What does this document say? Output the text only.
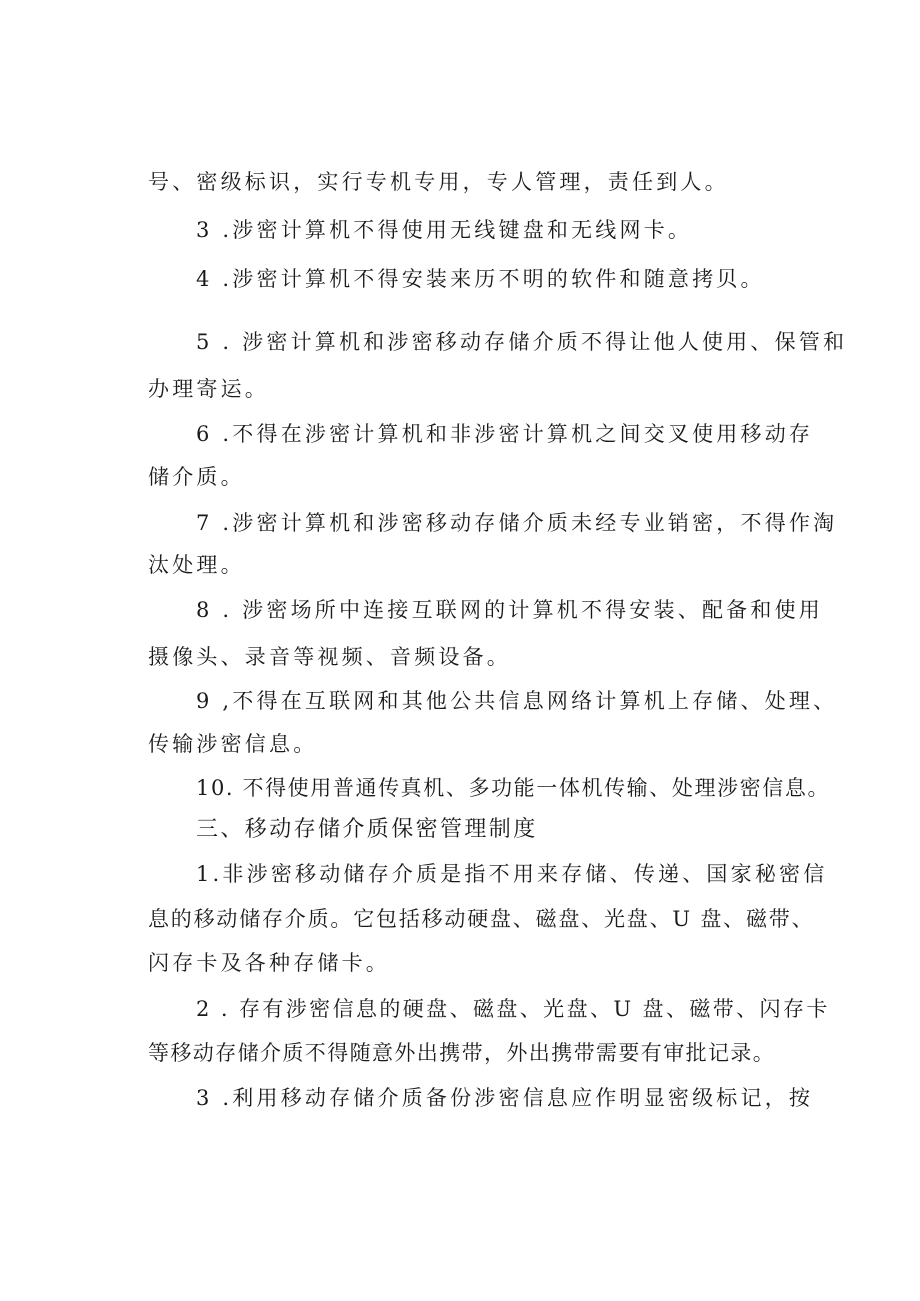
号、密级标识，实行专机专用，专人管理，责任到人。
3 .涉密计算机不得使用无线键盘和无线网卡。
4 .涉密计算机不得安装来历不明的软件和随意拷贝。
5 . 涉密计算机和涉密移动存储介质不得让他人使用、保管和
办理寄运。
6 .不得在涉密计算机和非涉密计算机之间交叉使用移动存
储介质。
7 .涉密计算机和涉密移动存储介质未经专业销密，不得作淘
汰处理。
8 . 涉密场所中连接互联网的计算机不得安装、配备和使用
摄像头、录音等视频、音频设备。
9 ,不得在互联网和其他公共信息网络计算机上存储、处理、
传输涉密信息。
10. 不得使用普通传真机、多功能一体机传输、处理涉密信息。
三、移动存储介质保密管理制度
1.非涉密移动储存介质是指不用来存储、传递、国家秘密信
息的移动储存介质。它包括移动硬盘、磁盘、光盘、U 盘、磁带、
闪存卡及各种存储卡。
2 . 存有涉密信息的硬盘、磁盘、光盘、U 盘、磁带、闪存卡
等移动存储介质不得随意外出携带，外出携带需要有审批记录。
3 .利用移动存储介质备份涉密信息应作明显密级标记，按
